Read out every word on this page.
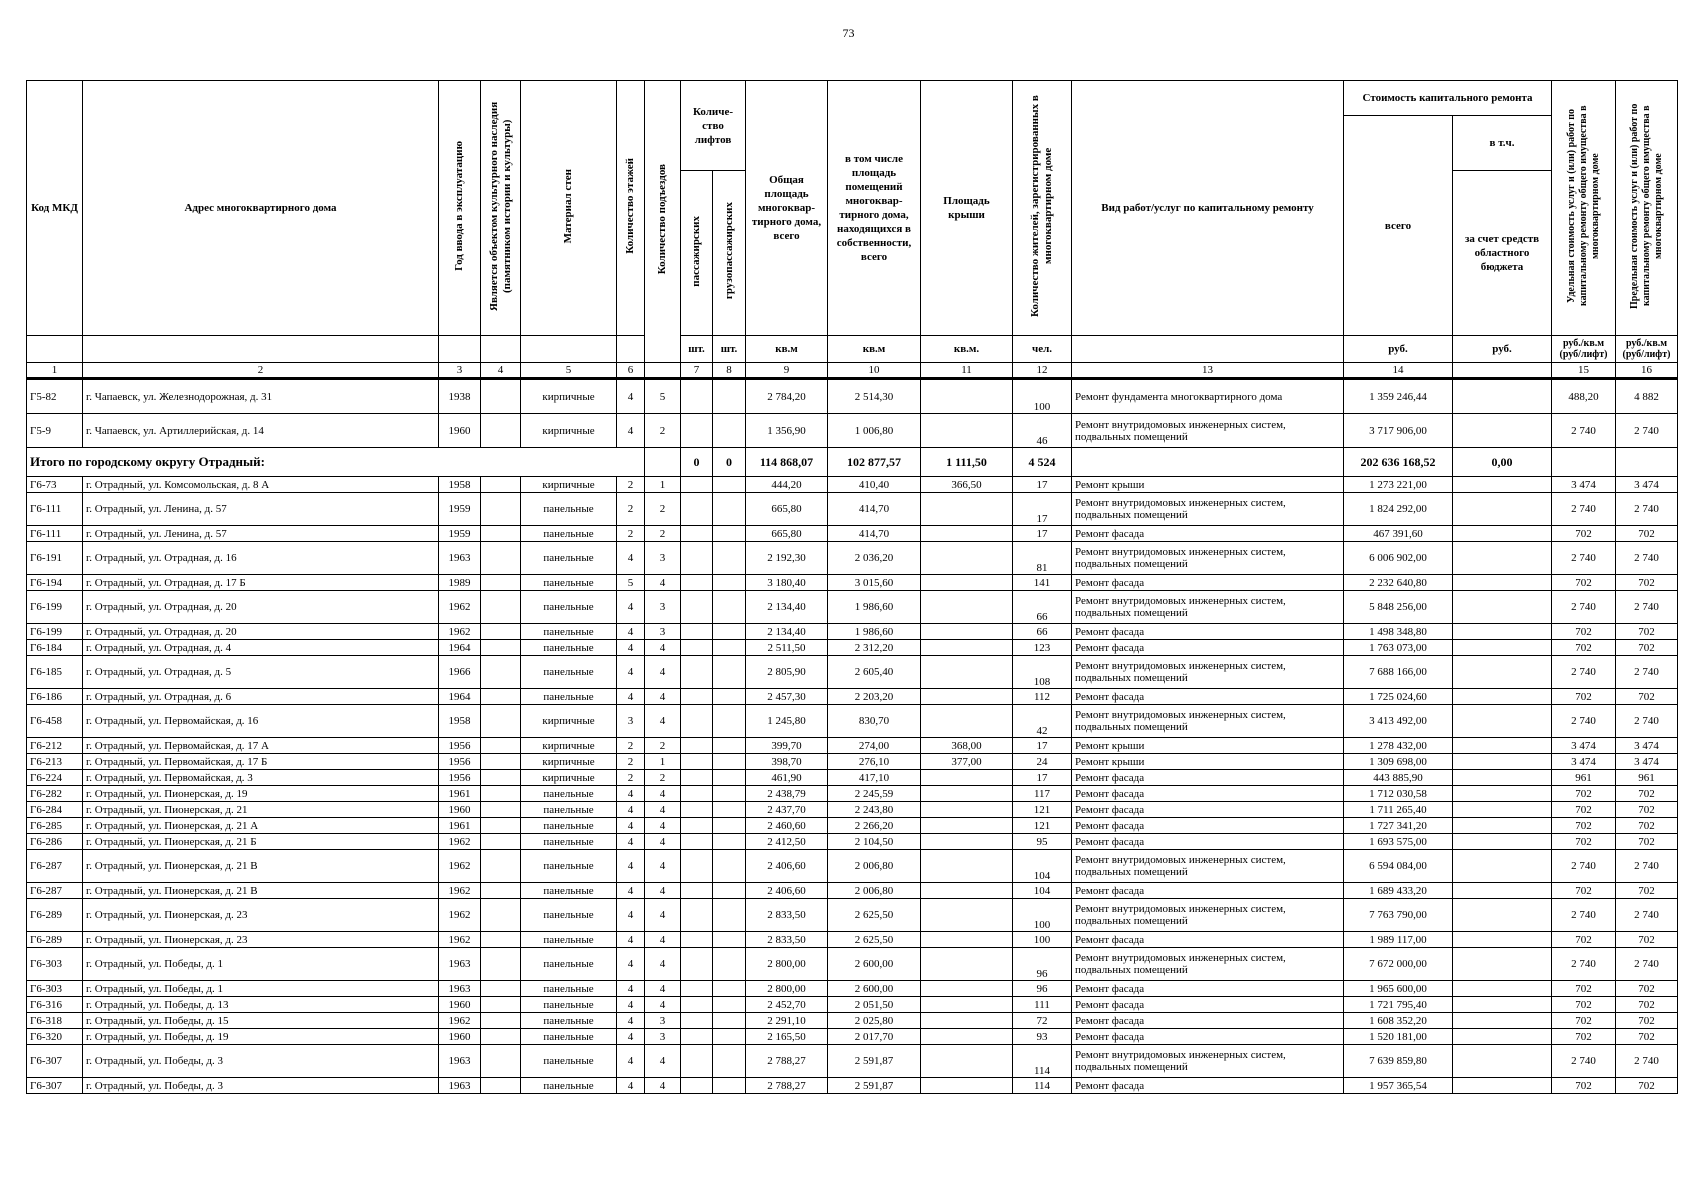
73
Код МКД	Адрес многоквартирного дома	Год ввода в эксплуатацию	Является объектом культурного наследия (памятником истории и культуры)	Материал стен	Количество этажей	Количество подъездов	Количе-ство лифтов		Общая площадь многоквар-тирного дома, всего	в том числе площадь помещений многоквар-тирного дома, находящихся в собственности, всего	Площадь крыши	Количество жителей, зарегистрированных в многоквартирном доме	Вид работ/услуг по капитальному ремонту	Стоимость капитального ремонта		Удельная стоимость услуг и (или) работ по капитальному ремонту общего имущества в многоквартирном доме	Предельная стоимость услуг и (или) работ по капитальному ремонту общего имущества в многоквартирном доме
														всего	в т.ч.		
							пассажирских	грузопассажирских							за счет средств областного бюджета		
							шт.	шт.	кв.м	кв.м	кв.м.	чел.		руб.	руб.	руб./кв.м (руб/лифт)	руб./кв.м (руб/лифт)
1	2	3	4	5	6		7	8	9	10	11	12	13	14		15	16
Г5-82	г. Чапаевск, ул. Железнодорожная, д. 31	1938		кирпичные	4	5			2 784,20	2 514,30		100	Ремонт фундамента многоквартирного дома	1 359 246,44		488,20	4 882
Г5-9	г. Чапаевск, ул. Артиллерийская, д. 14	1960		кирпичные	4	2			1 356,90	1 006,80		46	Ремонт внутридомовых инженерных систем, подвальных помещений	3 717 906,00		2 740	2 740
Итого по городскому округу Отрадный:							0	0	114 868,07	102 877,57	1 111,50	4 524		202 636 168,52	0,00		
Г6-73	г. Отрадный, ул. Комсомольская, д. 8 А	1958		кирпичные	2	1			444,20	410,40	366,50	17	Ремонт крыши	1 273 221,00		3 474	3 474
Г6-111	г. Отрадный, ул. Ленина, д. 57	1959		панельные	2	2			665,80	414,70		17	Ремонт внутридомовых инженерных систем, подвальных помещений	1 824 292,00		2 740	2 740
Г6-111	г. Отрадный, ул. Ленина, д. 57	1959		панельные	2	2			665,80	414,70		17	Ремонт фасада	467 391,60		702	702
Г6-191	г. Отрадный, ул. Отрадная, д. 16	1963		панельные	4	3			2 192,30	2 036,20		81	Ремонт внутридомовых инженерных систем, подвальных помещений	6 006 902,00		2 740	2 740
Г6-194	г. Отрадный, ул. Отрадная, д. 17 Б	1989		панельные	5	4			3 180,40	3 015,60		141	Ремонт фасада	2 232 640,80		702	702
Г6-199	г. Отрадный, ул. Отрадная, д. 20	1962		панельные	4	3			2 134,40	1 986,60		66	Ремонт внутридомовых инженерных систем, подвальных помещений	5 848 256,00		2 740	2 740
Г6-199	г. Отрадный, ул. Отрадная, д. 20	1962		панельные	4	3			2 134,40	1 986,60		66	Ремонт фасада	1 498 348,80		702	702
Г6-184	г. Отрадный, ул. Отрадная, д. 4	1964		панельные	4	4			2 511,50	2 312,20		123	Ремонт фасада	1 763 073,00		702	702
Г6-185	г. Отрадный, ул. Отрадная, д. 5	1966		панельные	4	4			2 805,90	2 605,40		108	Ремонт внутридомовых инженерных систем, подвальных помещений	7 688 166,00		2 740	2 740
Г6-186	г. Отрадный, ул. Отрадная, д. 6	1964		панельные	4	4			2 457,30	2 203,20		112	Ремонт фасада	1 725 024,60		702	702
Г6-458	г. Отрадный, ул. Первомайская, д. 16	1958		кирпичные	3	4			1 245,80	830,70		42	Ремонт внутридомовых инженерных систем, подвальных помещений	3 413 492,00		2 740	2 740
Г6-212	г. Отрадный, ул. Первомайская, д. 17 А	1956		кирпичные	2	2			399,70	274,00	368,00	17	Ремонт крыши	1 278 432,00		3 474	3 474
Г6-213	г. Отрадный, ул. Первомайская, д. 17 Б	1956		кирпичные	2	1			398,70	276,10	377,00	24	Ремонт крыши	1 309 698,00		3 474	3 474
Г6-224	г. Отрадный, ул. Первомайская, д. 3	1956		кирпичные	2	2			461,90	417,10		17	Ремонт фасада	443 885,90		961	961
Г6-282	г. Отрадный, ул. Пионерская, д. 19	1961		панельные	4	4			2 438,79	2 245,59		117	Ремонт фасада	1 712 030,58		702	702
Г6-284	г. Отрадный, ул. Пионерская, д. 21	1960		панельные	4	4			2 437,70	2 243,80		121	Ремонт фасада	1 711 265,40		702	702
Г6-285	г. Отрадный, ул. Пионерская, д. 21 А	1961		панельные	4	4			2 460,60	2 266,20		121	Ремонт фасада	1 727 341,20		702	702
Г6-286	г. Отрадный, ул. Пионерская, д. 21 Б	1962		панельные	4	4			2 412,50	2 104,50		95	Ремонт фасада	1 693 575,00		702	702
Г6-287	г. Отрадный, ул. Пионерская, д. 21 В	1962		панельные	4	4			2 406,60	2 006,80		104	Ремонт внутридомовых инженерных систем, подвальных помещений	6 594 084,00		2 740	2 740
Г6-287	г. Отрадный, ул. Пионерская, д. 21 В	1962		панельные	4	4			2 406,60	2 006,80		104	Ремонт фасада	1 689 433,20		702	702
Г6-289	г. Отрадный, ул. Пионерская, д. 23	1962		панельные	4	4			2 833,50	2 625,50		100	Ремонт внутридомовых инженерных систем, подвальных помещений	7 763 790,00		2 740	2 740
Г6-289	г. Отрадный, ул. Пионерская, д. 23	1962		панельные	4	4			2 833,50	2 625,50		100	Ремонт фасада	1 989 117,00		702	702
Г6-303	г. Отрадный, ул. Победы, д. 1	1963		панельные	4	4			2 800,00	2 600,00		96	Ремонт внутридомовых инженерных систем, подвальных помещений	7 672 000,00		2 740	2 740
Г6-303	г. Отрадный, ул. Победы, д. 1	1963		панельные	4	4			2 800,00	2 600,00		96	Ремонт фасада	1 965 600,00		702	702
Г6-316	г. Отрадный, ул. Победы, д. 13	1960		панельные	4	4			2 452,70	2 051,50		111	Ремонт фасада	1 721 795,40		702	702
Г6-318	г. Отрадный, ул. Победы, д. 15	1962		панельные	4	3			2 291,10	2 025,80		72	Ремонт фасада	1 608 352,20		702	702
Г6-320	г. Отрадный, ул. Победы, д. 19	1960		панельные	4	3			2 165,50	2 017,70		93	Ремонт фасада	1 520 181,00		702	702
Г6-307	г. Отрадный, ул. Победы, д. 3	1963		панельные	4	4			2 788,27	2 591,87		114	Ремонт внутридомовых инженерных систем, подвальных помещений	7 639 859,80		2 740	2 740
Г6-307	г. Отрадный, ул. Победы, д. 3	1963		панельные	4	4			2 788,27	2 591,87		114	Ремонт фасада	1 957 365,54		702	702
